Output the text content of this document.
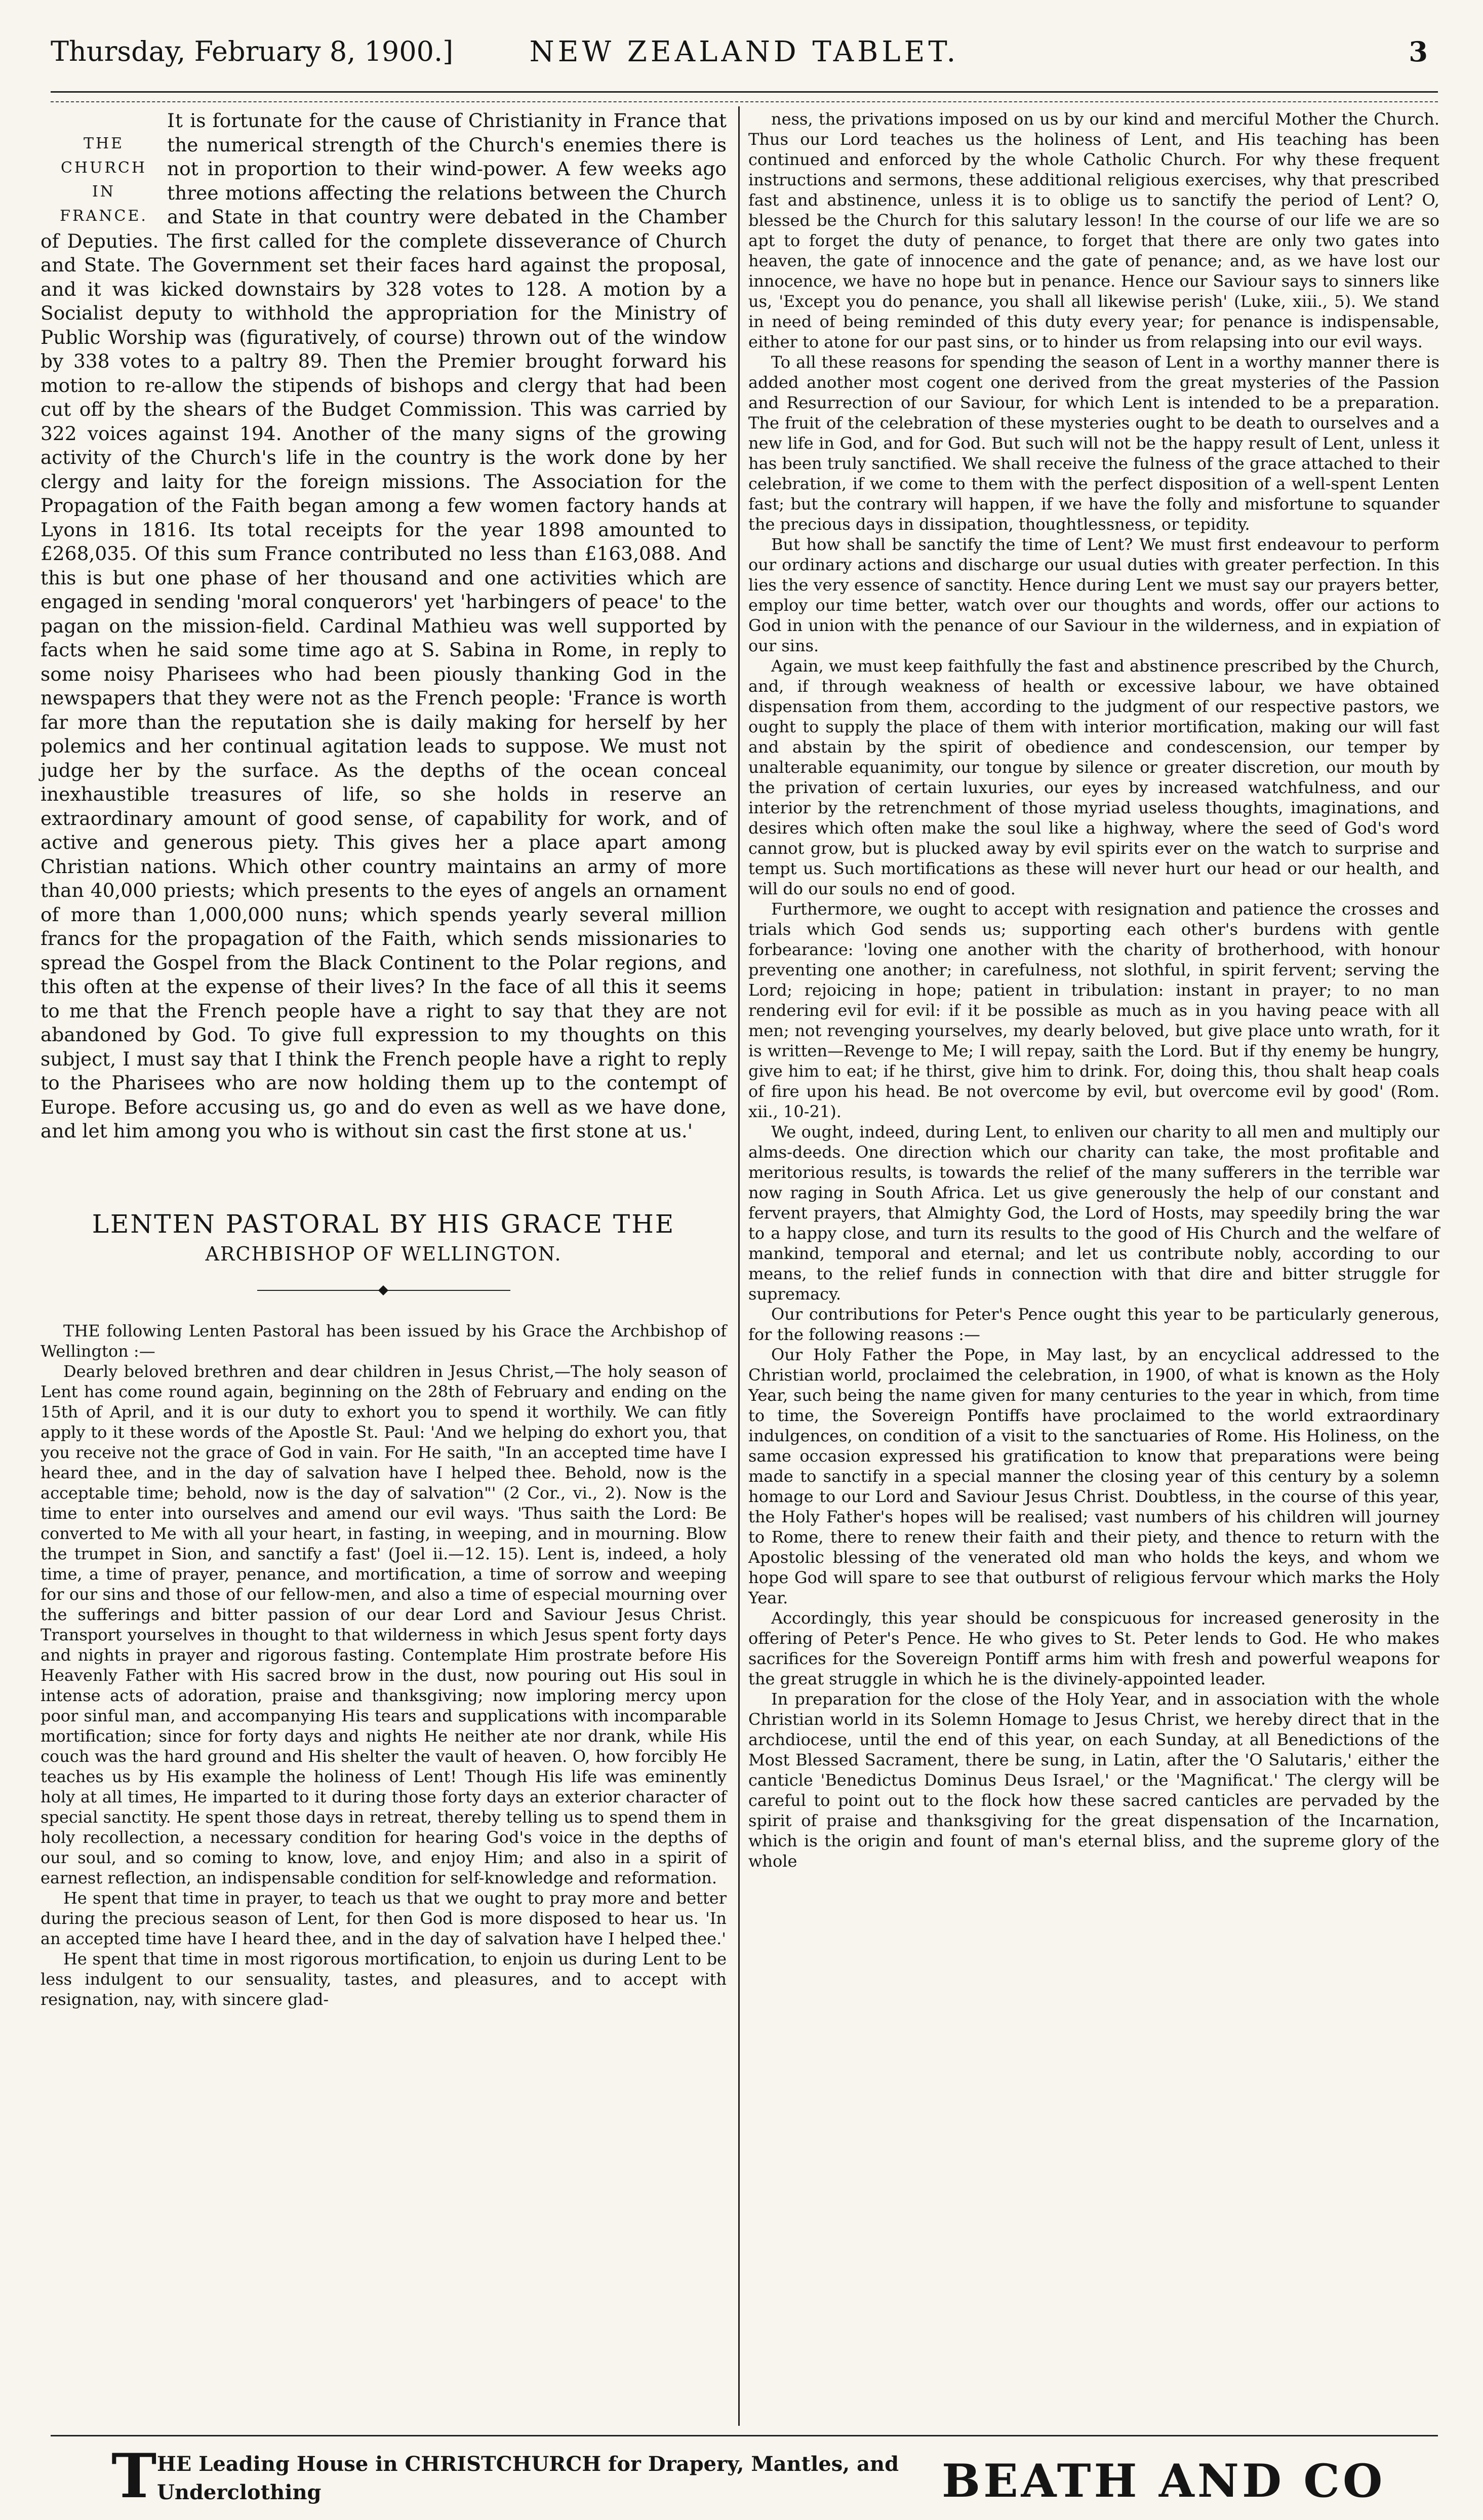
Thursday, February 8, 1900.]	NEW ZEALAND TABLET.	3
THE
CHURCH
IN
FRANCE.

It is fortunate for the cause of Christianity in France that the numerical strength of the Church's enemies there is not in proportion to their wind-power. A few weeks ago three motions affecting the relations between the Church and State in that country were debated in the Chamber of Deputies. The first called for the complete disseverance of Church and State. The Government set their faces hard against the proposal, and it was kicked downstairs by 328 votes to 128. A motion by a Socialist deputy to withhold the appropriation for the Ministry of Public Worship was (figuratively, of course) thrown out of the window by 338 votes to a paltry 89. Then the Premier brought forward his motion to re-allow the stipends of bishops and clergy that had been cut off by the shears of the Budget Commission. This was carried by 322 voices against 194. Another of the many signs of the growing activity of the Church's life in the country is the work done by her clergy and laity for the foreign missions. The Association for the Propagation of the Faith began among a few women factory hands at Lyons in 1816. Its total receipts for the year 1898 amounted to £268,035. Of this sum France contributed no less than £163,088. And this is but one phase of her thousand and one activities which are engaged in sending 'moral conquerors' yet 'harbingers of peace' to the pagan on the mission-field. Cardinal Mathieu was well supported by facts when he said some time ago at S. Sabina in Rome, in reply to some noisy Pharisees who had been piously thanking God in the newspapers that they were not as the French people: 'France is worth far more than the reputation she is daily making for herself by her polemics and her continual agitation leads to suppose. We must not judge her by the surface. As the depths of the ocean conceal inexhaustible treasures of life, so she holds in reserve an extraordinary amount of good sense, of capability for work, and of active and generous piety. This gives her a place apart among Christian nations. Which other country maintains an army of more than 40,000 priests; which presents to the eyes of angels an ornament of more than 1,000,000 nuns; which spends yearly several million francs for the propagation of the Faith, which sends missionaries to spread the Gospel from the Black Continent to the Polar regions, and this often at the expense of their lives? In the face of all this it seems to me that the French people have a right to say that they are not abandoned by God. To give full expression to my thoughts on this subject, I must say that I think the French people have a right to reply to the Pharisees who are now holding them up to the contempt of Europe. Before accusing us, go and do even as well as we have done, and let him among you who is without sin cast the first stone at us.'

LENTEN PASTORAL BY HIS GRACE THE
ARCHBISHOP OF WELLINGTON.

THE following Lenten Pastoral has been issued by his Grace the Archbishop of Wellington :—

Dearly beloved brethren and dear children in Jesus Christ,—The holy season of Lent has come round again, beginning on the 28th of February and ending on the 15th of April, and it is our duty to exhort you to spend it worthily. We can fitly apply to it these words of the Apostle St. Paul: 'And we helping do exhort you, that you receive not the grace of God in vain. For He saith, "In an accepted time have I heard thee, and in the day of salvation have I helped thee. Behold, now is the acceptable time; behold, now is the day of salvation"' (2 Cor., vi., 2). Now is the time to enter into ourselves and amend our evil ways. 'Thus saith the Lord: Be converted to Me with all your heart, in fasting, in weeping, and in mourning. Blow the trumpet in Sion, and sanctify a fast' (Joel ii.—12. 15). Lent is, indeed, a holy time, a time of prayer, penance, and mortification, a time of sorrow and weeping for our sins and those of our fellow-men, and also a time of especial mourning over the sufferings and bitter passion of our dear Lord and Saviour Jesus Christ. Transport yourselves in thought to that wilderness in which Jesus spent forty days and nights in prayer and rigorous fasting. Contemplate Him prostrate before His Heavenly Father with His sacred brow in the dust, now pouring out His soul in intense acts of adoration, praise and thanksgiving; now imploring mercy upon poor sinful man, and accompanying His tears and supplications with incomparable mortification; since for forty days and nights He neither ate nor drank, while His couch was the hard ground and His shelter the vault of heaven. O, how forcibly He teaches us by His example the holiness of Lent! Though His life was eminently holy at all times, He imparted to it during those forty days an exterior character of special sanctity. He spent those days in retreat, thereby telling us to spend them in holy recollection, a necessary condition for hearing God's voice in the depths of our soul, and so coming to know, love, and enjoy Him; and also in a spirit of earnest reflection, an indispensable condition for self-knowledge and reformation.

He spent that time in prayer, to teach us that we ought to pray more and better during the precious season of Lent, for then God is more disposed to hear us. 'In an accepted time have I heard thee, and in the day of salvation have I helped thee.'

He spent that time in most rigorous mortification, to enjoin us during Lent to be less indulgent to our sensuality, tastes, and pleasures, and to accept with resignation, nay, with sincere glad-

ness, the privations imposed on us by our kind and merciful Mother the Church. Thus our Lord teaches us the holiness of Lent, and His teaching has been continued and enforced by the whole Catholic Church. For why these frequent instructions and sermons, these additional religious exercises, why that prescribed fast and abstinence, unless it is to oblige us to sanctify the period of Lent? O, blessed be the Church for this salutary lesson! In the course of our life we are so apt to forget the duty of penance, to forget that there are only two gates into heaven, the gate of innocence and the gate of penance; and, as we have lost our innocence, we have no hope but in penance. Hence our Saviour says to sinners like us, 'Except you do penance, you shall all likewise perish' (Luke, xiii., 5). We stand in need of being reminded of this duty every year; for penance is indispensable, either to atone for our past sins, or to hinder us from relapsing into our evil ways.

To all these reasons for spending the season of Lent in a worthy manner there is added another most cogent one derived from the great mysteries of the Passion and Resurrection of our Saviour, for which Lent is intended to be a preparation. The fruit of the celebration of these mysteries ought to be death to ourselves and a new life in God, and for God. But such will not be the happy result of Lent, unless it has been truly sanctified. We shall receive the fulness of the grace attached to their celebration, if we come to them with the perfect disposition of a well-spent Lenten fast; but the contrary will happen, if we have the folly and misfortune to squander the precious days in dissipation, thoughtlessness, or tepidity.

But how shall be sanctify the time of Lent? We must first endeavour to perform our ordinary actions and discharge our usual duties with greater perfection. In this lies the very essence of sanctity. Hence during Lent we must say our prayers better, employ our time better, watch over our thoughts and words, offer our actions to God in union with the penance of our Saviour in the wilderness, and in expiation of our sins.

Again, we must keep faithfully the fast and abstinence prescribed by the Church, and, if through weakness of health or excessive labour, we have obtained dispensation from them, according to the judgment of our respective pastors, we ought to supply the place of them with interior mortification, making our will fast and abstain by the spirit of obedience and condescension, our temper by unalterable equanimity, our tongue by silence or greater discretion, our mouth by the privation of certain luxuries, our eyes by increased watchfulness, and our interior by the retrenchment of those myriad useless thoughts, imaginations, and desires which often make the soul like a highway, where the seed of God's word cannot grow, but is plucked away by evil spirits ever on the watch to surprise and tempt us. Such mortifications as these will never hurt our head or our health, and will do our souls no end of good.

Furthermore, we ought to accept with resignation and patience the crosses and trials which God sends us; supporting each other's burdens with gentle forbearance: 'loving one another with the charity of brotherhood, with honour preventing one another; in carefulness, not slothful, in spirit fervent; serving the Lord; rejoicing in hope; patient in tribulation: instant in prayer; to no man rendering evil for evil: if it be possible as much as in you having peace with all men; not revenging yourselves, my dearly beloved, but give place unto wrath, for it is written—Revenge to Me; I will repay, saith the Lord. But if thy enemy be hungry, give him to eat; if he thirst, give him to drink. For, doing this, thou shalt heap coals of fire upon his head. Be not overcome by evil, but overcome evil by good' (Rom. xii., 10-21).

We ought, indeed, during Lent, to enliven our charity to all men and multiply our alms-deeds. One direction which our charity can take, the most profitable and meritorious results, is towards the relief of the many sufferers in the terrible war now raging in South Africa. Let us give generously the help of our constant and fervent prayers, that Almighty God, the Lord of Hosts, may speedily bring the war to a happy close, and turn its results to the good of His Church and the welfare of mankind, temporal and eternal; and let us contribute nobly, according to our means, to the relief funds in connection with that dire and bitter struggle for supremacy.

Our contributions for Peter's Pence ought this year to be particularly generous, for the following reasons :—

Our Holy Father the Pope, in May last, by an encyclical addressed to the Christian world, proclaimed the celebration, in 1900, of what is known as the Holy Year, such being the name given for many centuries to the year in which, from time to time, the Sovereign Pontiffs have proclaimed to the world extraordinary indulgences, on condition of a visit to the sanctuaries of Rome. His Holiness, on the same occasion expressed his gratification to know that preparations were being made to sanctify in a special manner the closing year of this century by a solemn homage to our Lord and Saviour Jesus Christ. Doubtless, in the course of this year, the Holy Father's hopes will be realised; vast numbers of his children will journey to Rome, there to renew their faith and their piety, and thence to return with the Apostolic blessing of the venerated old man who holds the keys, and whom we hope God will spare to see that outburst of religious fervour which marks the Holy Year.

Accordingly, this year should be conspicuous for increased generosity in the offering of Peter's Pence. He who gives to St. Peter lends to God. He who makes sacrifices for the Sovereign Pontiff arms him with fresh and powerful weapons for the great struggle in which he is the divinely-appointed leader.

In preparation for the close of the Holy Year, and in association with the whole Christian world in its Solemn Homage to Jesus Christ, we hereby direct that in the archdiocese, until the end of this year, on each Sunday, at all Benedictions of the Most Blessed Sacrament, there be sung, in Latin, after the 'O Salutaris,' either the canticle 'Benedictus Dominus Deus Israel,' or the 'Magnificat.' The clergy will be careful to point out to the flock how these sacred canticles are pervaded by the spirit of praise and thanksgiving for the great dispensation of the Incarnation, which is the origin and fount of man's eternal bliss, and the supreme glory of the whole

T HE Leading House in CHRISTCHURCH for Drapery, Mantles, and
Underclothing	BEATH AND CO
